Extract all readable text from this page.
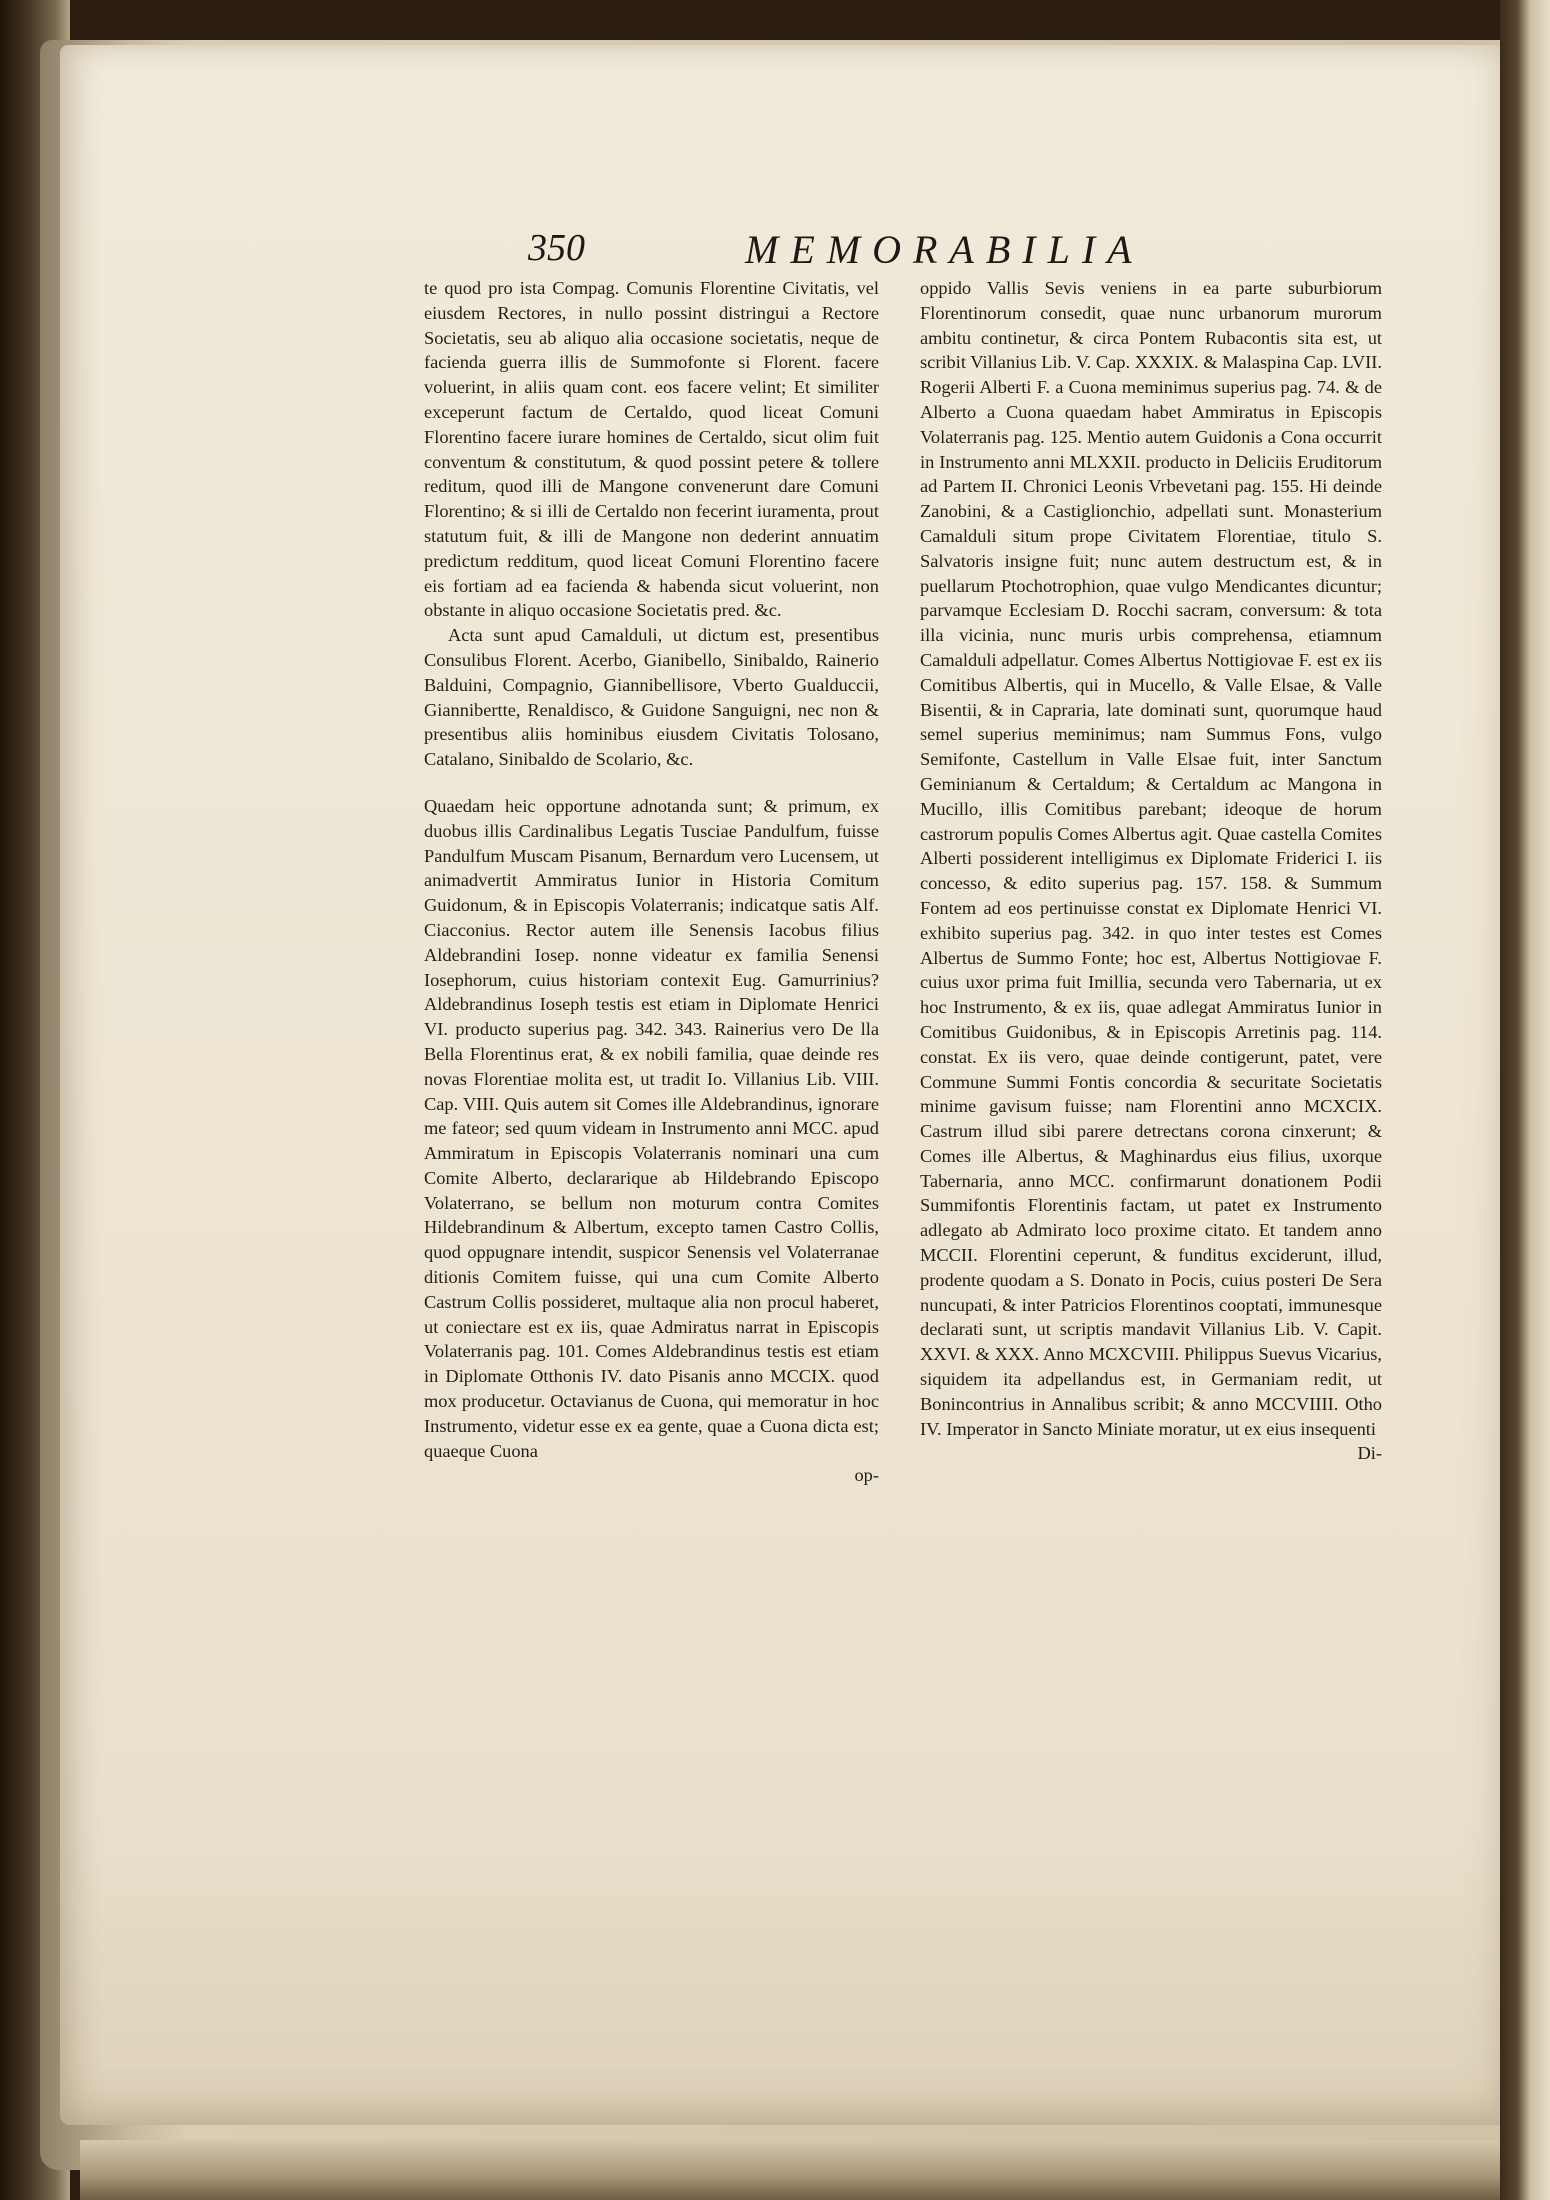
350	MEMORABILIA

te quod pro ista Compag. Comunis Florentine Civitatis, vel eiusdem Rectores, in nullo possint distringui a Rectore Societatis, seu ab aliquo alia occasione societatis, neque de facienda guerra illis de Summofonte si Florent. facere voluerint, in aliis quam cont. eos facere velint; Et similiter exceperunt factum de Certaldo, quod liceat Comuni Florentino facere iurare homines de Certaldo, sicut olim fuit conventum & constitutum, & quod possint petere & tollere reditum, quod illi de Mangone convenerunt dare Comuni Florentino; & si illi de Certaldo non fecerint iuramenta, prout statutum fuit, & illi de Mangone non dederint annuatim predictum redditum, quod liceat Comuni Florentino facere eis fortiam ad ea facienda & habenda sicut voluerint, non obstante in aliquo occasione Societatis pred. &c.

Acta sunt apud Camalduli, ut dictum est, presentibus Consulibus Florent. Acerbo, Gianibello, Sinibaldo, Rainerio Balduini, Compagnio, Giannibellisore, Vberto Gualduccii, Giannibertte, Renaldisco, & Guidone Sanguigni, nec non & presentibus aliis hominibus eiusdem Civitatis Tolosano, Catalano, Sinibaldo de Scolario, &c.

Quaedam heic opportune adnotanda sunt; & primum, ex duobus illis Cardinalibus Legatis Tusciae Pandulfum, fuisse Pandulfum Muscam Pisanum, Bernardum vero Lucensem, ut animadvertit Ammiratus Iunior in Historia Comitum Guidonum, & in Episcopis Volaterranis; indicatque satis Alf. Ciacconius. Rector autem ille Senensis Iacobus filius Aldebrandini Iosep. nonne videatur ex familia Senensi Iosephorum, cuius historiam contexit Eug. Gamurrinius? Aldebrandinus Ioseph testis est etiam in Diplomate Henrici VI. producto superius pag. 342. 343. Rainerius vero De lla Bella Florentinus erat, & ex nobili familia, quae deinde res novas Florentiae molita est, ut tradit Io. Villanius Lib. VIII. Cap. VIII. Quis autem sit Comes ille Aldebrandinus, ignorare me fateor; sed quum videam in Instrumento anni MCC. apud Ammiratum in Episcopis Volaterranis nominari una cum Comite Alberto, declararique ab Hildebrando Episcopo Volaterrano, se bellum non moturum contra Comites Hildebrandinum & Albertum, excepto tamen Castro Collis, quod oppugnare intendit, suspicor Senensis vel Volaterranae ditionis Comitem fuisse, qui una cum Comite Alberto Castrum Collis possideret, multaque alia non procul haberet, ut coniectare est ex iis, quae Admiratus narrat in Episcopis Volaterranis pag. 101. Comes Aldebrandinus testis est etiam in Diplomate Otthonis IV. dato Pisanis anno MCCIX. quod mox producetur. Octavianus de Cuona, qui memoratur in hoc Instrumento, videtur esse ex ea gente, quae a Cuona dicta est; quaeque Cuona

op-

oppido Vallis Sevis veniens in ea parte suburbiorum Florentinorum consedit, quae nunc urbanorum murorum ambitu continetur, & circa Pontem Rubacontis sita est, ut scribit Villanius Lib. V. Cap. XXXIX. & Malaspina Cap. LVII. Rogerii Alberti F. a Cuona meminimus superius pag. 74. & de Alberto a Cuona quaedam habet Ammiratus in Episcopis Volaterranis pag. 125. Mentio autem Guidonis a Cona occurrit in Instrumento anni MLXXII. producto in Deliciis Eruditorum ad Partem II. Chronici Leonis Vrbevetani pag. 155. Hi deinde Zanobini, & a Castiglionchio, adpellati sunt. Monasterium Camalduli situm prope Civitatem Florentiae, titulo S. Salvatoris insigne fuit; nunc autem destructum est, & in puellarum Ptochotrophion, quae vulgo Mendicantes dicuntur; parvamque Ecclesiam D. Rocchi sacram, conversum: & tota illa vicinia, nunc muris urbis comprehensa, etiamnum Camalduli adpellatur. Comes Albertus Nottigiovae F. est ex iis Comitibus Albertis, qui in Mucello, & Valle Elsae, & Valle Bisentii, & in Capraria, late dominati sunt, quorumque haud semel superius meminimus; nam Summus Fons, vulgo Semifonte, Castellum in Valle Elsae fuit, inter Sanctum Geminianum & Certaldum; & Certaldum ac Mangona in Mucillo, illis Comitibus parebant; ideoque de horum castrorum populis Comes Albertus agit. Quae castella Comites Alberti possiderent intelligimus ex Diplomate Friderici I. iis concesso, & edito superius pag. 157. 158. & Summum Fontem ad eos pertinuisse constat ex Diplomate Henrici VI. exhibito superius pag. 342. in quo inter testes est Comes Albertus de Summo Fonte; hoc est, Albertus Nottigiovae F. cuius uxor prima fuit Imillia, secunda vero Tabernaria, ut ex hoc Instrumento, & ex iis, quae adlegat Ammiratus Iunior in Comitibus Guidonibus, & in Episcopis Arretinis pag. 114. constat. Ex iis vero, quae deinde contigerunt, patet, vere Commune Summi Fontis concordia & securitate Societatis minime gavisum fuisse; nam Florentini anno MCXCIX. Castrum illud sibi parere detrectans corona cinxerunt; & Comes ille Albertus, & Maghinardus eius filius, uxorque Tabernaria, anno MCC. confirmarunt donationem Podii Summifontis Florentinis factam, ut patet ex Instrumento adlegato ab Admirato loco proxime citato. Et tandem anno MCCII. Florentini ceperunt, & funditus exciderunt, illud, prodente quodam a S. Donato in Pocis, cuius posteri De Sera nuncupati, & inter Patricios Florentinos cooptati, immunesque declarati sunt, ut scriptis mandavit Villanius Lib. V. Capit. XXVI. & XXX. Anno MCXCVIII. Philippus Suevus Vicarius, siquidem ita adpellandus est, in Germaniam redit, ut Bonincontrius in Annalibus scribit; & anno MCCVIIII. Otho IV. Imperator in Sancto Miniate moratur, ut ex eius insequenti

Di-
